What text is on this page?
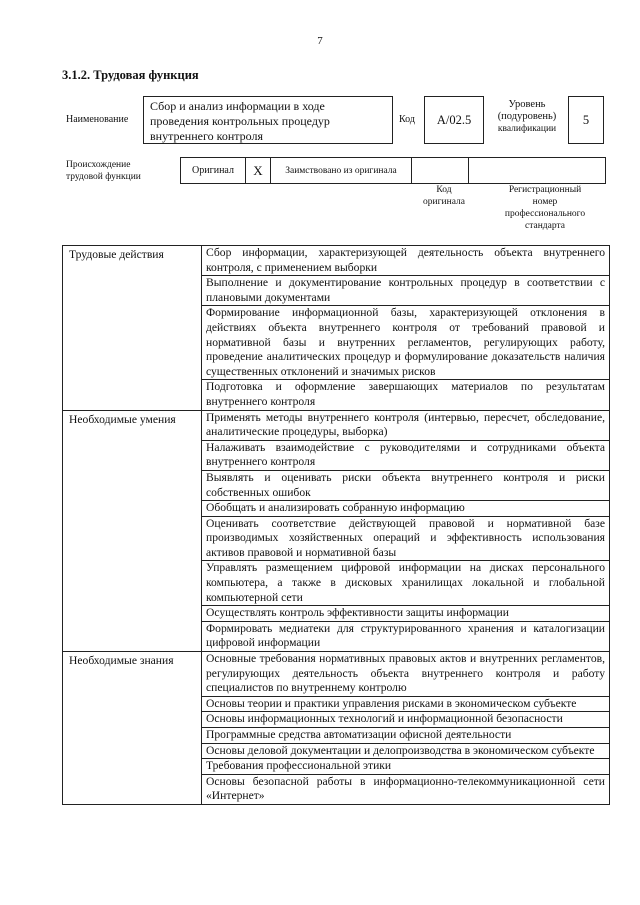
7
3.1.2. Трудовая функция
Наименование
Сбор и анализ информации в ходе проведения контрольных процедур внутреннего контроля
Код A/02.5
Уровень
(подуровень)
квалификации
5
Происхождение
трудовой функции
Оригинал X Заимствовано из оригинала
Код
оригинала
Регистрационный
номер
профессионального
стандарта
Трудовые действия	Сбор информации, характеризующей деятельность объекта внутреннего контроля, с применением выборки
	Выполнение и документирование контрольных процедур в соответствии с плановыми документами
	Формирование информационной базы, характеризующей отклонения в действиях объекта внутреннего контроля от требований правовой и нормативной базы и внутренних регламентов, регулирующих работу, проведение аналитических процедур и формулирование доказательств наличия существенных отклонений и значимых рисков
	Подготовка и оформление завершающих материалов по результатам внутреннего контроля
Необходимые умения	Применять методы внутреннего контроля (интервью, пересчет, обследование, аналитические процедуры, выборка)
	Налаживать взаимодействие с руководителями и сотрудниками объекта внутреннего контроля
	Выявлять и оценивать риски объекта внутреннего контроля и риски собственных ошибок
	Обобщать и анализировать собранную информацию
	Оценивать соответствие действующей правовой и нормативной базе производимых хозяйственных операций и эффективность использования активов правовой и нормативной базы
	Управлять размещением цифровой информации на дисках персонального компьютера, а также в дисковых хранилищах локальной и глобальной компьютерной сети
	Осуществлять контроль эффективности защиты информации
	Формировать медиатеки для структурированного хранения и каталогизации цифровой информации
Необходимые знания	Основные требования нормативных правовых актов и внутренних регламентов, регулирующих деятельность объекта внутреннего контроля и работу специалистов по внутреннему контролю
	Основы теории и практики управления рисками в экономическом субъекте
	Основы информационных технологий и информационной безопасности
	Программные средства автоматизации офисной деятельности
	Основы деловой документации и делопроизводства в экономическом субъекте
	Требования профессиональной этики
	Основы безопасной работы в информационно-телекоммуникационной сети «Интернет»
